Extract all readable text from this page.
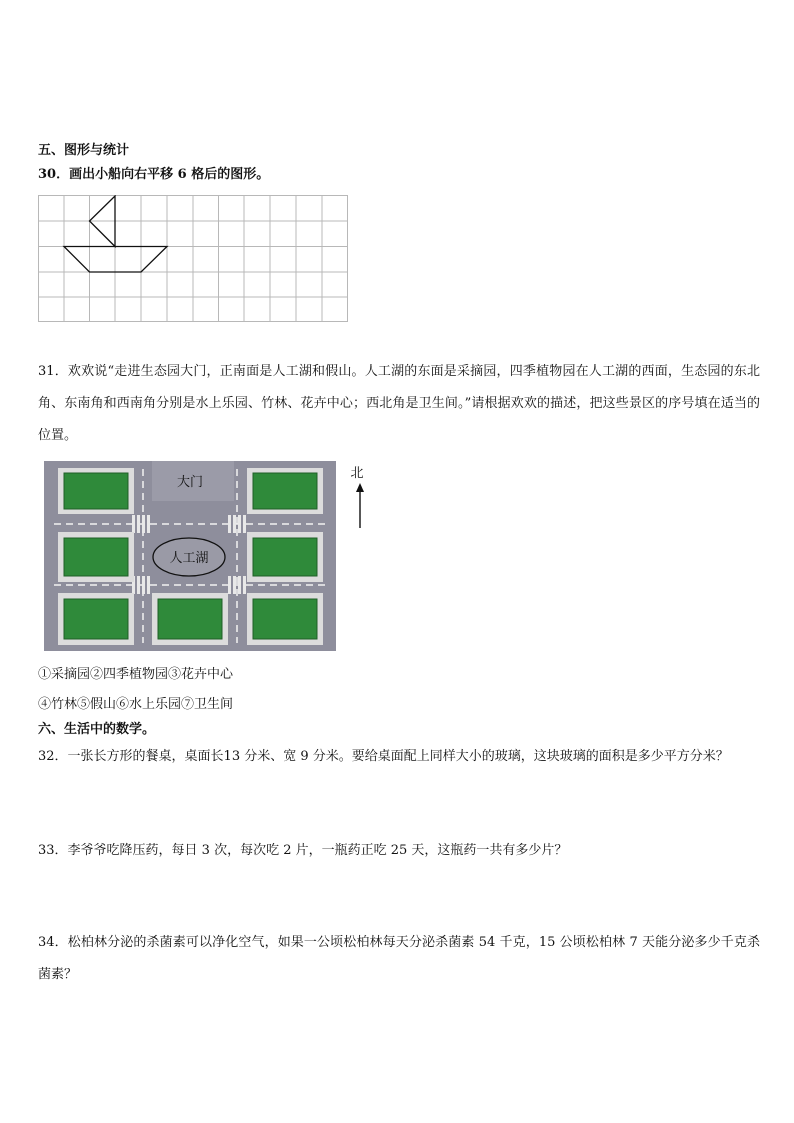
五、图形与统计
30．画出小船向右平移 6 格后的图形。
31．欢欢说“走进生态园大门，正南面是人工湖和假山。人工湖的东面是采摘园，四季植物园在人工湖的西面，生态园的东北角、东南角和西南角分别是水上乐园、竹林、花卉中心；西北角是卫生间。”请根据欢欢的描述，把这些景区的序号填在适当的位置。
大门
人工湖
北
①采摘园②四季植物园③花卉中心
④竹林⑤假山⑥水上乐园⑦卫生间
六、生活中的数学。
32．一张长方形的餐桌，桌面长13 分米、宽 9 分米。要给桌面配上同样大小的玻璃，这块玻璃的面积是多少平方分米？
33．李爷爷吃降压药，每日 3 次，每次吃 2 片，一瓶药正吃 25 天，这瓶药一共有多少片？
34．松柏林分泌的杀菌素可以净化空气，如果一公顷松柏林每天分泌杀菌素 54 千克，15 公顷松柏林 7 天能分泌多少千克杀菌素？
